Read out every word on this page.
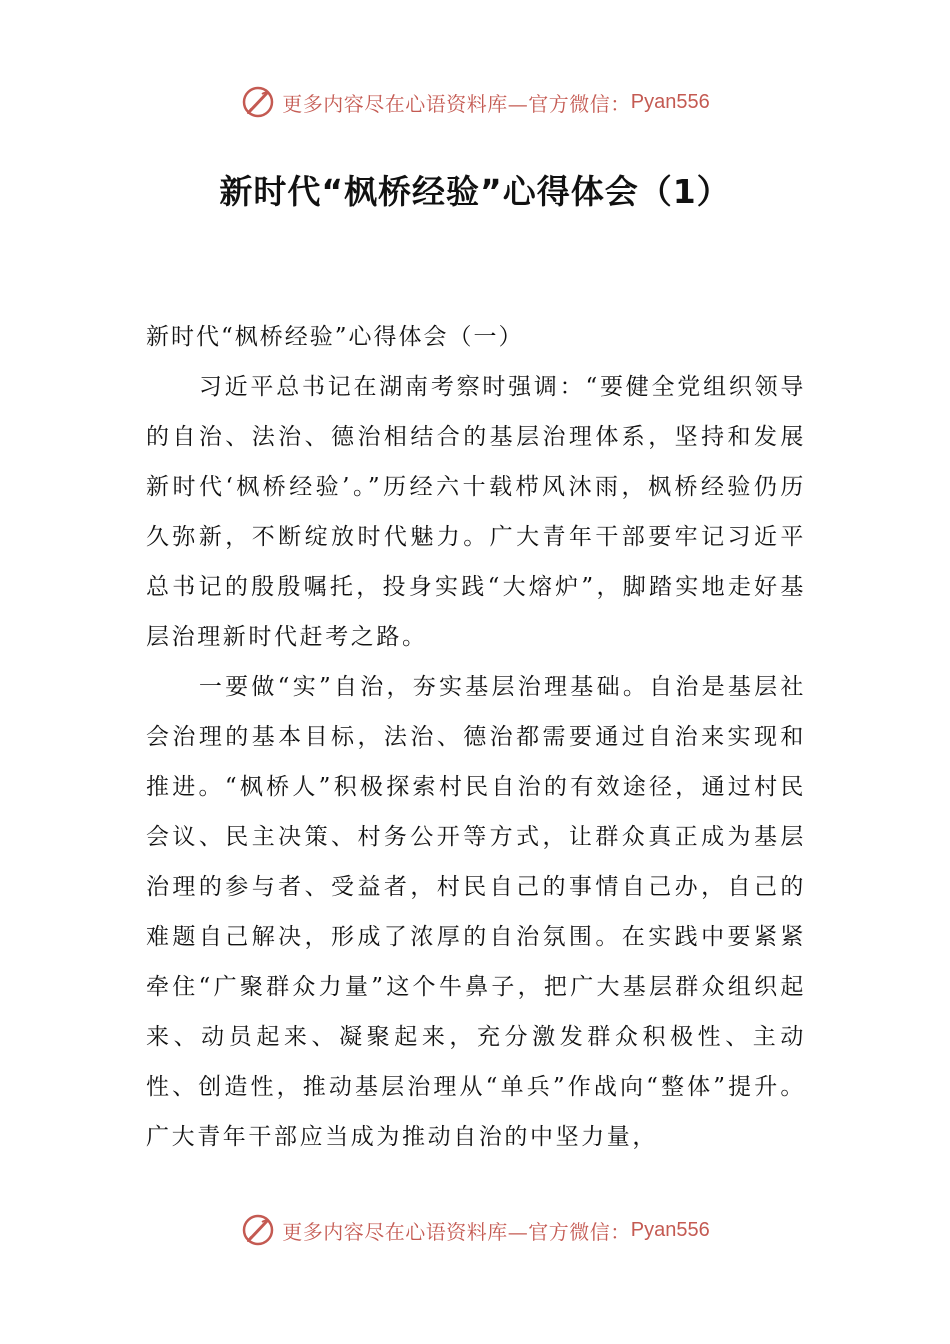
更多内容尽在心语资料库—官方微信： Pyan556
新时代“枫桥经验”心得体会（1）
新时代“枫桥经验”心得体会（一）

习近平总书记在湖南考察时强调：“要健全党组织领导的自治、法治、德治相结合的基层治理体系，坚持和发展新时代‘枫桥经验’。”历经六十载栉风沐雨，枫桥经验仍历久弥新，不断绽放时代魅力。广大青年干部要牢记习近平总书记的殷殷嘱托，投身实践“大熔炉”，脚踏实地走好基层治理新时代赶考之路。

一要做“实”自治，夯实基层治理基础。自治是基层社会治理的基本目标，法治、德治都需要通过自治来实现和推进。“枫桥人”积极探索村民自治的有效途径，通过村民会议、民主决策、村务公开等方式，让群众真正成为基层治理的参与者、受益者，村民自己的事情自己办，自己的难题自己解决，形成了浓厚的自治氛围。在实践中要紧紧牵住“广聚群众力量”这个牛鼻子，把广大基层群众组织起来、动员起来、凝聚起来，充分激发群众积极性、主动性、创造性，推动基层治理从“单兵”作战向“整体”提升。广大青年干部应当成为推动自治的中坚力量，

更多内容尽在心语资料库—官方微信： Pyan556
